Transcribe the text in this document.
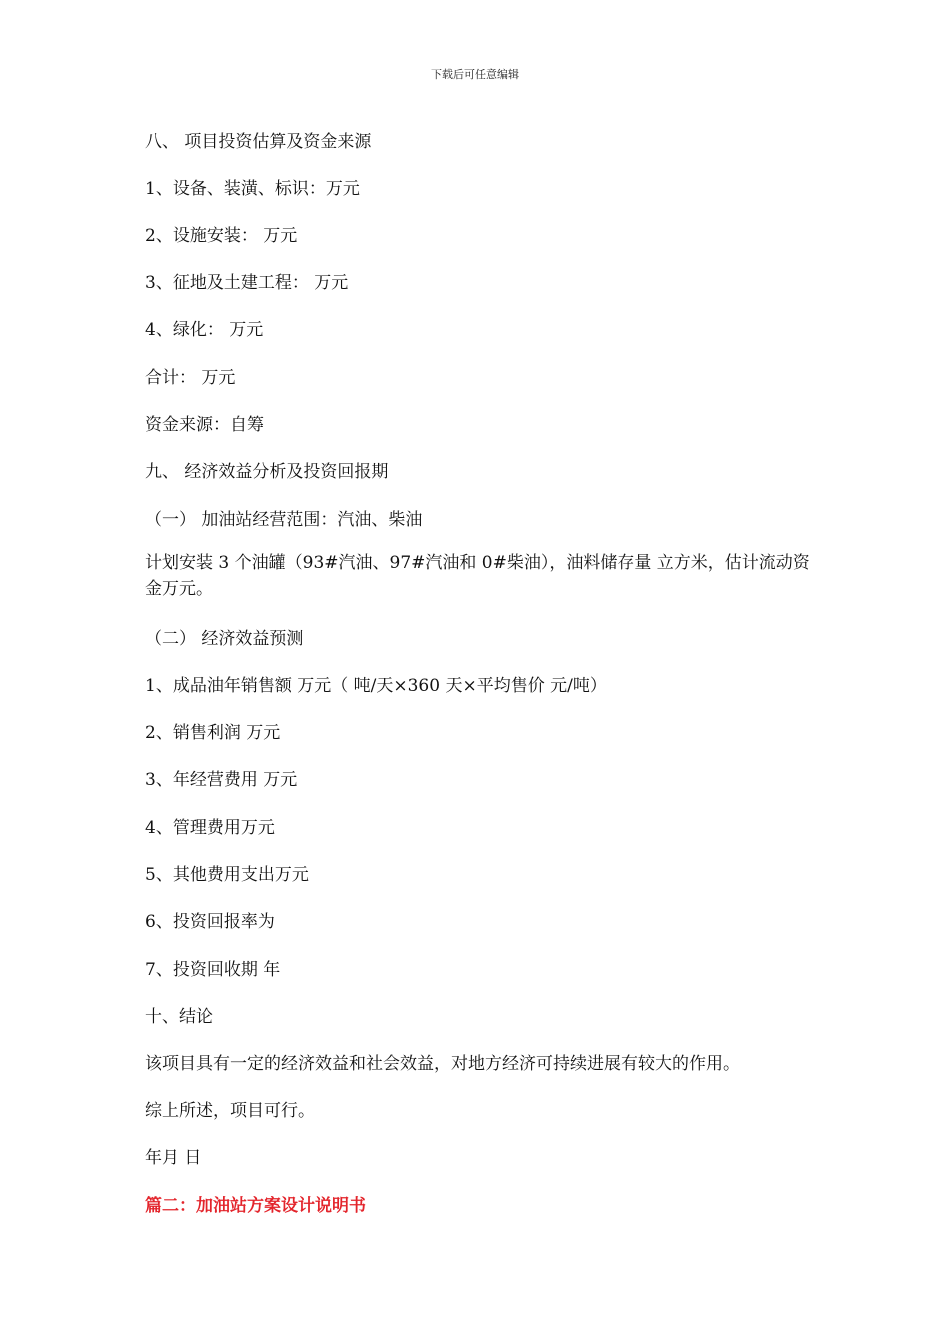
下载后可任意编辑
八、 项目投资估算及资金来源
1、设备、装潢、标识：万元
2、设施安装： 万元
3、征地及土建工程： 万元
4、绿化： 万元
合计： 万元
资金来源：自筹
九、 经济效益分析及投资回报期
（一） 加油站经营范围：汽油、柴油
计划安装 3 个油罐（93#汽油、97#汽油和 0#柴油），油料储存量 立方米，估计流动资金万元。
（二） 经济效益预测
1、成品油年销售额 万元（ 吨/天×360 天×平均售价 元/吨）
2、销售利润 万元
3、年经营费用 万元
4、管理费用万元
5、其他费用支出万元
6、投资回报率为
7、投资回收期 年
十、结论
该项目具有一定的经济效益和社会效益，对地方经济可持续进展有较大的作用。
综上所述，项目可行。
年月 日
篇二：加油站方案设计说明书
